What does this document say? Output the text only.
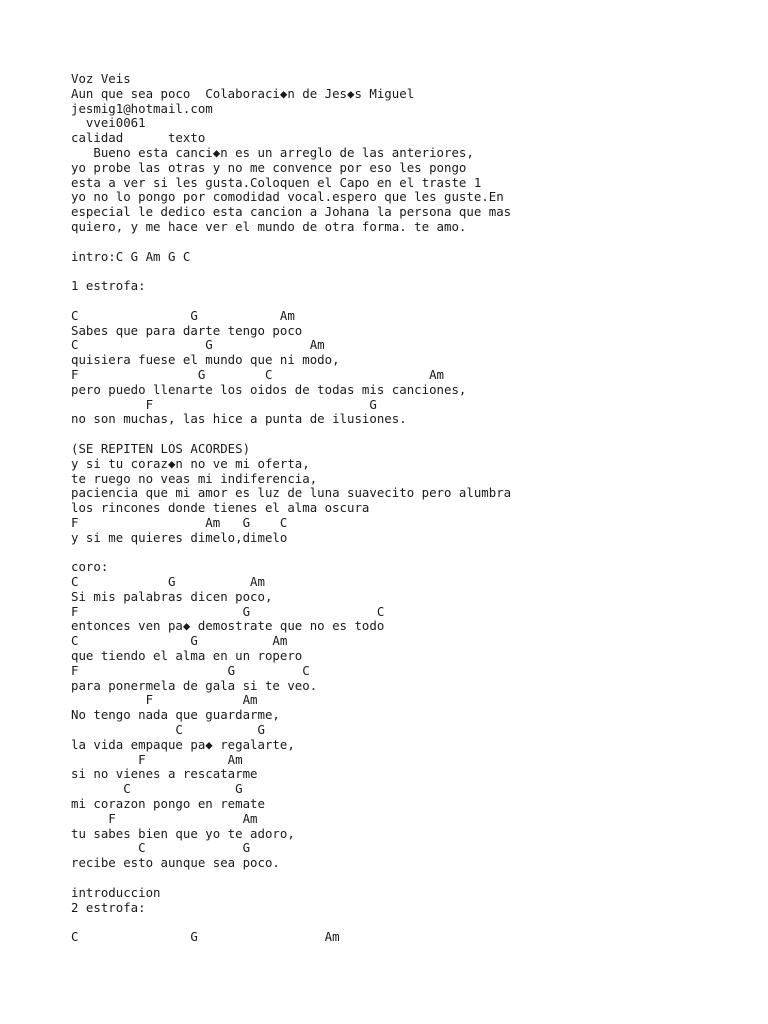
Voz Veis
Aun que sea poco  Colaboraci◆n de Jes◆s Miguel
jesmig1@hotmail.com
vvei0061
calidad      texto
Bueno esta canci◆n es un arreglo de las anteriores,
yo probe las otras y no me convence por eso les pongo
esta a ver si les gusta.Coloquen el Capo en el traste 1
yo no lo pongo por comodidad vocal.espero que les guste.En
especial le dedico esta cancion a Johana la persona que mas
quiero, y me hace ver el mundo de otra forma. te amo.
intro:C G Am G C
1 estrofa:
C               G           Am
Sabes que para darte tengo poco
C                 G             Am
quisiera fuese el mundo que ni modo,
F                G        C                     Am
pero puedo llenarte los oidos de todas mis canciones,
F                             G
no son muchas, las hice a punta de ilusiones.
(SE REPITEN LOS ACORDES)
y si tu coraz◆n no ve mi oferta,
te ruego no veas mi indiferencia,
paciencia que mi amor es luz de luna suavecito pero alumbra
los rincones donde tienes el alma oscura
F                 Am   G    C
y si me quieres dimelo,dimelo
coro:
C            G          Am
Si mis palabras dicen poco,
F                      G                 C
entonces ven pa◆ demostrate que no es todo
C               G          Am
que tiendo el alma en un ropero
F                    G         C
para ponermela de gala si te veo.
F            Am
No tengo nada que guardarme,
C          G
la vida empaque pa◆ regalarte,
F           Am
si no vienes a rescatarme
C              G
mi corazon pongo en remate
F                 Am
tu sabes bien que yo te adoro,
C             G
recibe esto aunque sea poco.
introduccion
2 estrofa:
C               G                 Am
